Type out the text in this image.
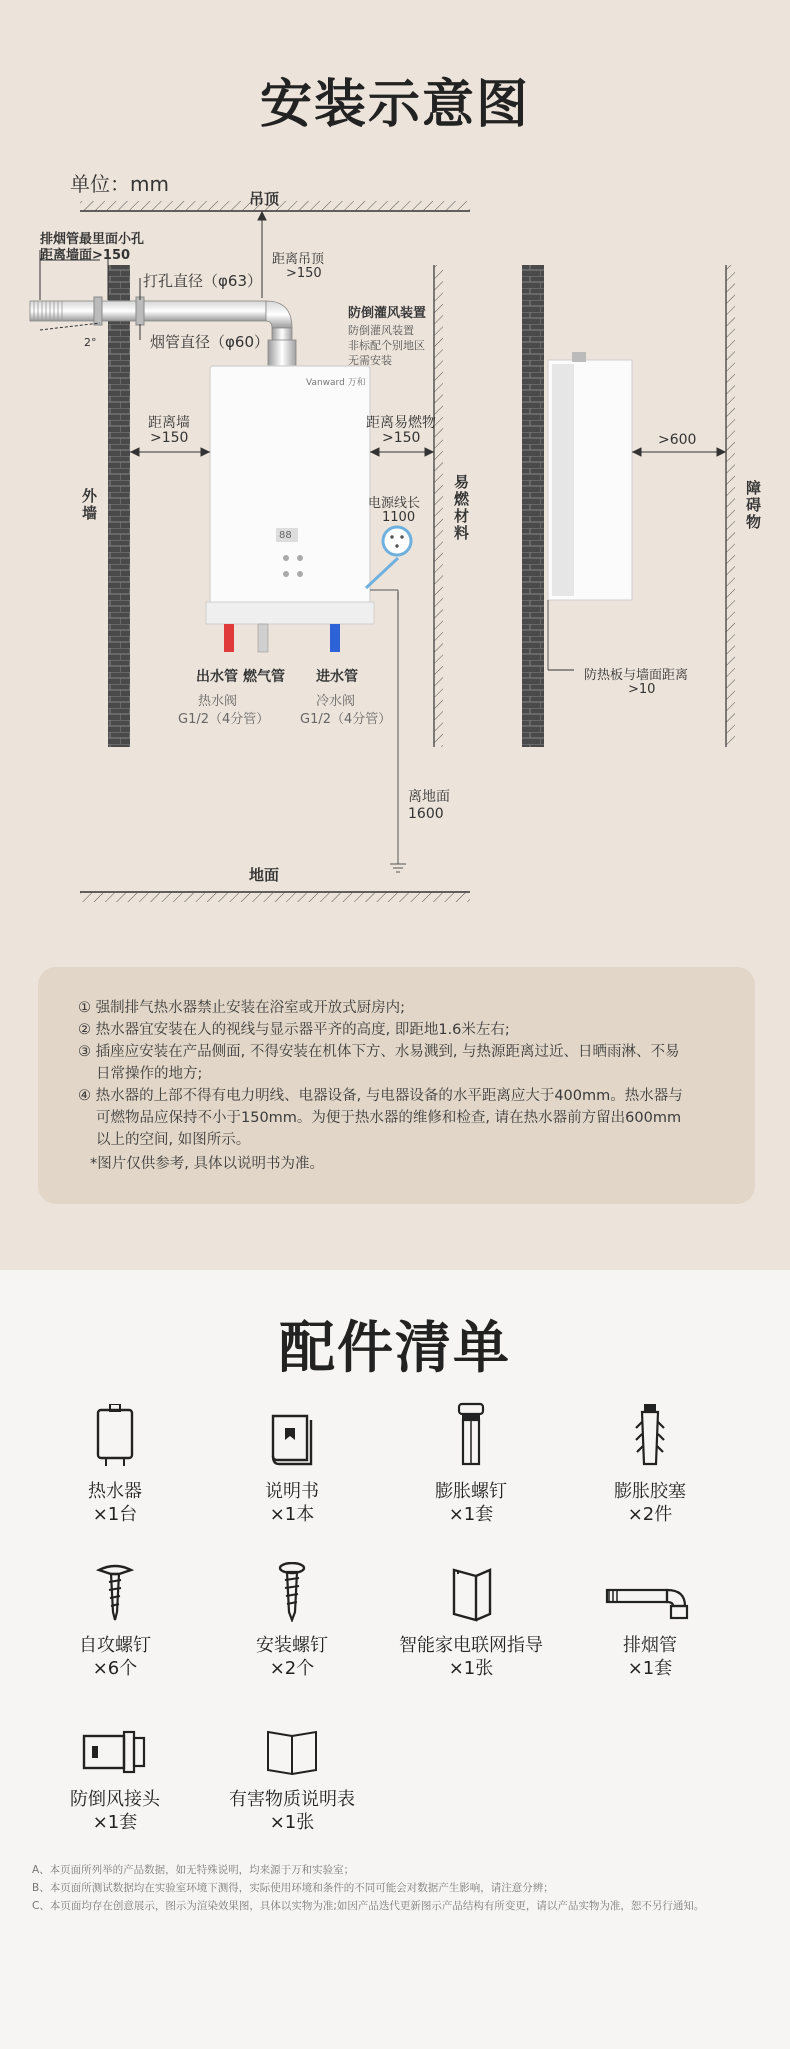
安装示意图
单位：mm
吊顶
地面
外墙
易燃材料
障碍物
排烟管最里面小孔
距离墙面>150
打孔直径（φ63）
烟管直径（φ60）
2°
距离吊顶
>150
防倒灌风装置
防倒灌风装置
非标配个别地区
无需安装
距离墙
>150
距离易燃物
>150
电源线长
1100
Vanward 万和
88
出水管 燃气管 进水管
热水阀
G1/2（4分管）
冷水阀
G1/2（4分管）
离地面
1600
>600
防热板与墙面距离
>10
① 强制排气热水器禁止安装在浴室或开放式厨房内;
② 热水器宜安装在人的视线与显示器平齐的高度, 即距地1.6米左右;
③ 插座应安装在产品侧面, 不得安装在机体下方、水易溅到, 与热源距离过近、日晒雨淋、不易
日常操作的地方;
④ 热水器的上部不得有电力明线、电器设备, 与电器设备的水平距离应大于400mm。热水器与
可燃物品应保持不小于150mm。为便于热水器的维修和检查, 请在热水器前方留出600mm
以上的空间, 如图所示。
*图片仅供参考, 具体以说明书为准。
配件清单
热水器
×1台
说明书
×1本
膨胀螺钉
×1套
膨胀胶塞
×2件
自攻螺钉
×6个
安装螺钉
×2个
智能家电联网指导
×1张
排烟管
×1套
防倒风接头
×1套
有害物质说明表
×1张
A、本页面所列举的产品数据，如无特殊说明，均来源于万和实验室；
B、本页面所测试数据均在实验室环境下测得，实际使用环境和条件的不同可能会对数据产生影响，请注意分辨；
C、本页面均存在创意展示，图示为渲染效果图，具体以实物为准;如因产品迭代更新图示产品结构有所变更，请以产品实物为准，恕不另行通知。
